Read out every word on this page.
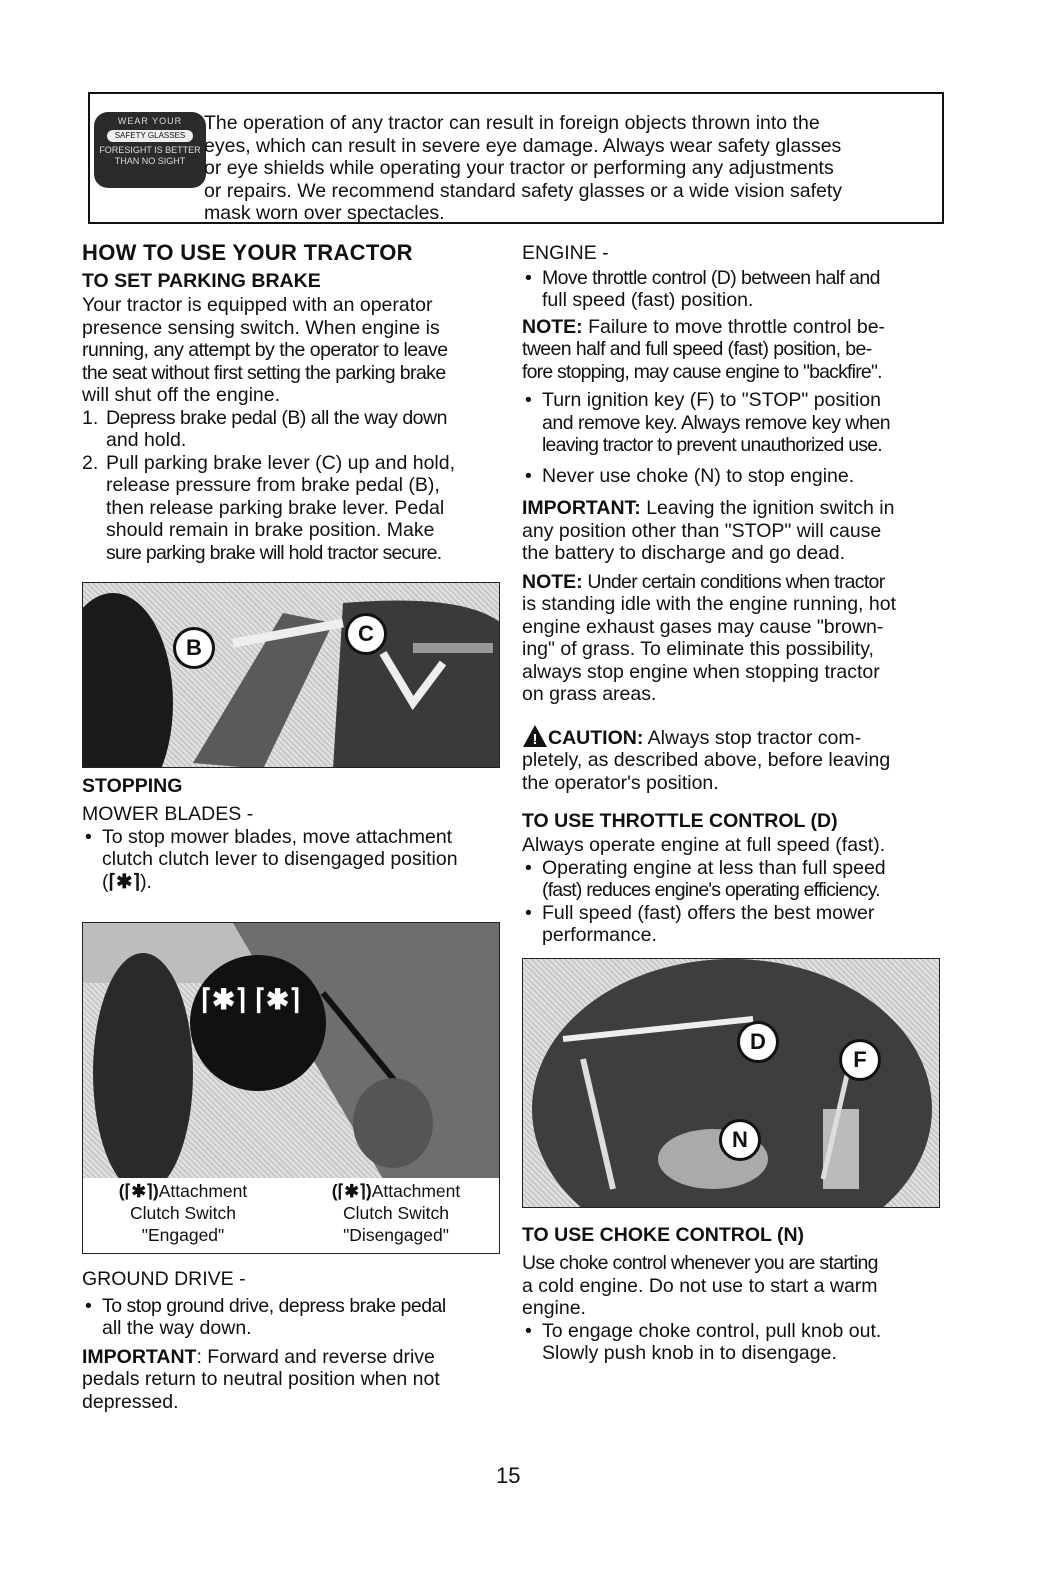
WEAR YOUR
SAFETY GLASSES
FORESIGHT IS BETTER
THAN NO SIGHT
The operation of any tractor can result in foreign objects thrown into the
eyes, which can result in severe eye damage. Always wear safety glasses
or eye shields while operating your tractor or performing any adjustments
or repairs. We recommend standard safety glasses or a wide vision safety
mask worn over spectacles.
HOW TO USE YOUR TRACTOR
TO SET PARKING BRAKE
Your tractor is equipped with an operator
presence sensing switch. When engine is
running, any attempt by the operator to leave
the seat without first setting the parking brake
will shut off the engine.
1. Depress brake pedal (B) all the way down
and hold.
2. Pull parking brake lever (C) up and hold,
release pressure from brake pedal (B),
then release parking brake lever. Pedal
should remain in brake position. Make
sure parking brake will hold tractor secure.
B
C
STOPPING
MOWER BLADES -
• To stop mower blades, move attachment
clutch clutch lever to disengaged position
(⌈✱⌉).
⌈✱⌉ ⌈✱⌉
(⌈✱⌉)Attachment
Clutch Switch
"Engaged"
(⌈✱⌉)Attachment
Clutch Switch
"Disengaged"
GROUND DRIVE -
• To stop ground drive, depress brake pedal
all the way down.
IMPORTANT: Forward and reverse drive
pedals return to neutral position when not
depressed.
ENGINE -
• Move throttle control (D) between half and
full speed (fast) position.
NOTE: Failure to move throttle control be-
tween half and full speed (fast) position, be-
fore stopping, may cause engine to "backfire".
• Turn ignition key (F) to "STOP" position
and remove key. Always remove key when
leaving tractor to prevent unauthorized use.
• Never use choke (N) to stop engine.
IMPORTANT: Leaving the ignition switch in
any position other than "STOP" will cause
the battery to discharge and go dead.
NOTE: Under certain conditions when tractor
is standing idle with the engine running, hot
engine exhaust gases may cause "brown-
ing" of grass. To eliminate this possibility,
always stop engine when stopping tractor
on grass areas.
! CAUTION: Always stop tractor com-
pletely, as described above, before leaving
the operator's position.
TO USE THROTTLE CONTROL (D)
Always operate engine at full speed (fast).
• Operating engine at less than full speed
(fast) reduces engine's operating efficiency.
• Full speed (fast) offers the best mower
performance.
D
F
N
TO USE CHOKE CONTROL (N)
Use choke control whenever you are starting
a cold engine. Do not use to start a warm
engine.
• To engage choke control, pull knob out.
Slowly push knob in to disengage.
15
